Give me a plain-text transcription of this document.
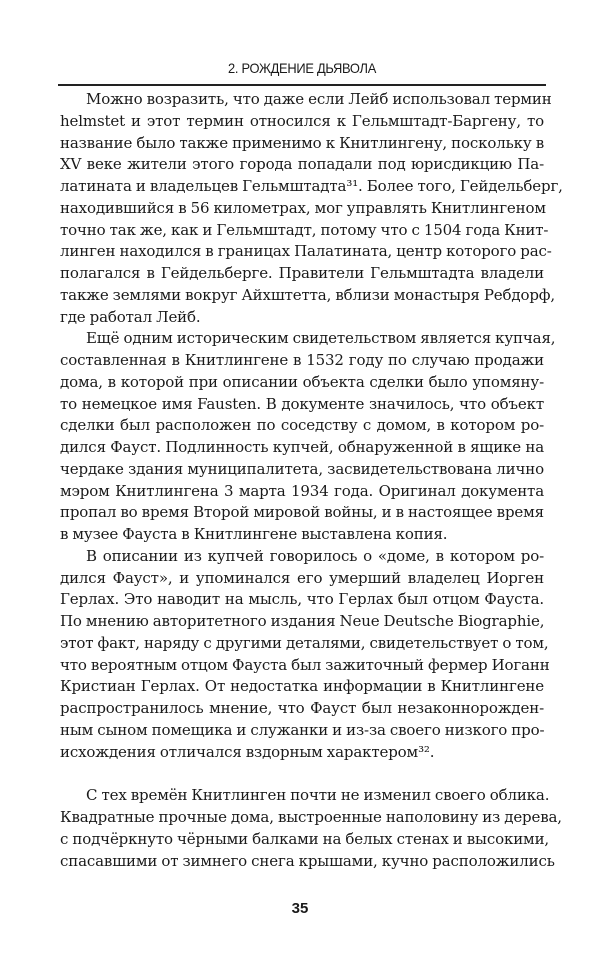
2. РОЖДЕНИЕ ДЬЯВОЛА
Можно возразить, что даже если Лейб использовал термин
helmstet и этот термин относился к Гельмштадт-Баргену, то
название было также применимо к Книтлингену, поскольку в
XV веке жители этого города попадали под юрисдикцию Па-
латината и владельцев Гельмштадта³¹. Более того, Гейдельберг,
находившийся в 56 километрах, мог управлять Книтлингеном
точно так же, как и Гельмштадт, потому что с 1504 года Книт-
линген находился в границах Палатината, центр которого рас-
полагался в Гейдельберге. Правители Гельмштадта владели
также землями вокруг Айхштетта, вблизи монастыря Ребдорф,
где работал Лейб.
Ещё одним историческим свидетельством является купчая,
составленная в Книтлингене в 1532 году по случаю продажи
дома, в которой при описании объекта сделки было упомяну-
то немецкое имя Fausten. В документе значилось, что объект
сделки был расположен по соседству с домом, в котором ро-
дился Фауст. Подлинность купчей, обнаруженной в ящике на
чердаке здания муниципалитета, засвидетельствована лично
мэром Книтлингена 3 марта 1934 года. Оригинал документа
пропал во время Второй мировой войны, и в настоящее время
в музее Фауста в Книтлингене выставлена копия.
В описании из купчей говорилось о «доме, в котором ро-
дился Фауст», и упоминался его умерший владелец Иорген
Герлах. Это наводит на мысль, что Герлах был отцом Фауста.
По мнению авторитетного издания Neue Deutsche Biographie,
этот факт, наряду с другими деталями, свидетельствует о том,
что вероятным отцом Фауста был зажиточный фермер Иоганн
Кристиан Герлах. От недостатка информации в Книтлингене
распространилось мнение, что Фауст был незаконнорожден-
ным сыном помещика и служанки и из-за своего низкого про-
исхождения отличался вздорным характером³².
С тех времён Книтлинген почти не изменил своего облика.
Квадратные прочные дома, выстроенные наполовину из дерева,
с подчёркнуто чёрными балками на белых стенах и высокими,
спасавшими от зимнего снега крышами, кучно расположились
35
